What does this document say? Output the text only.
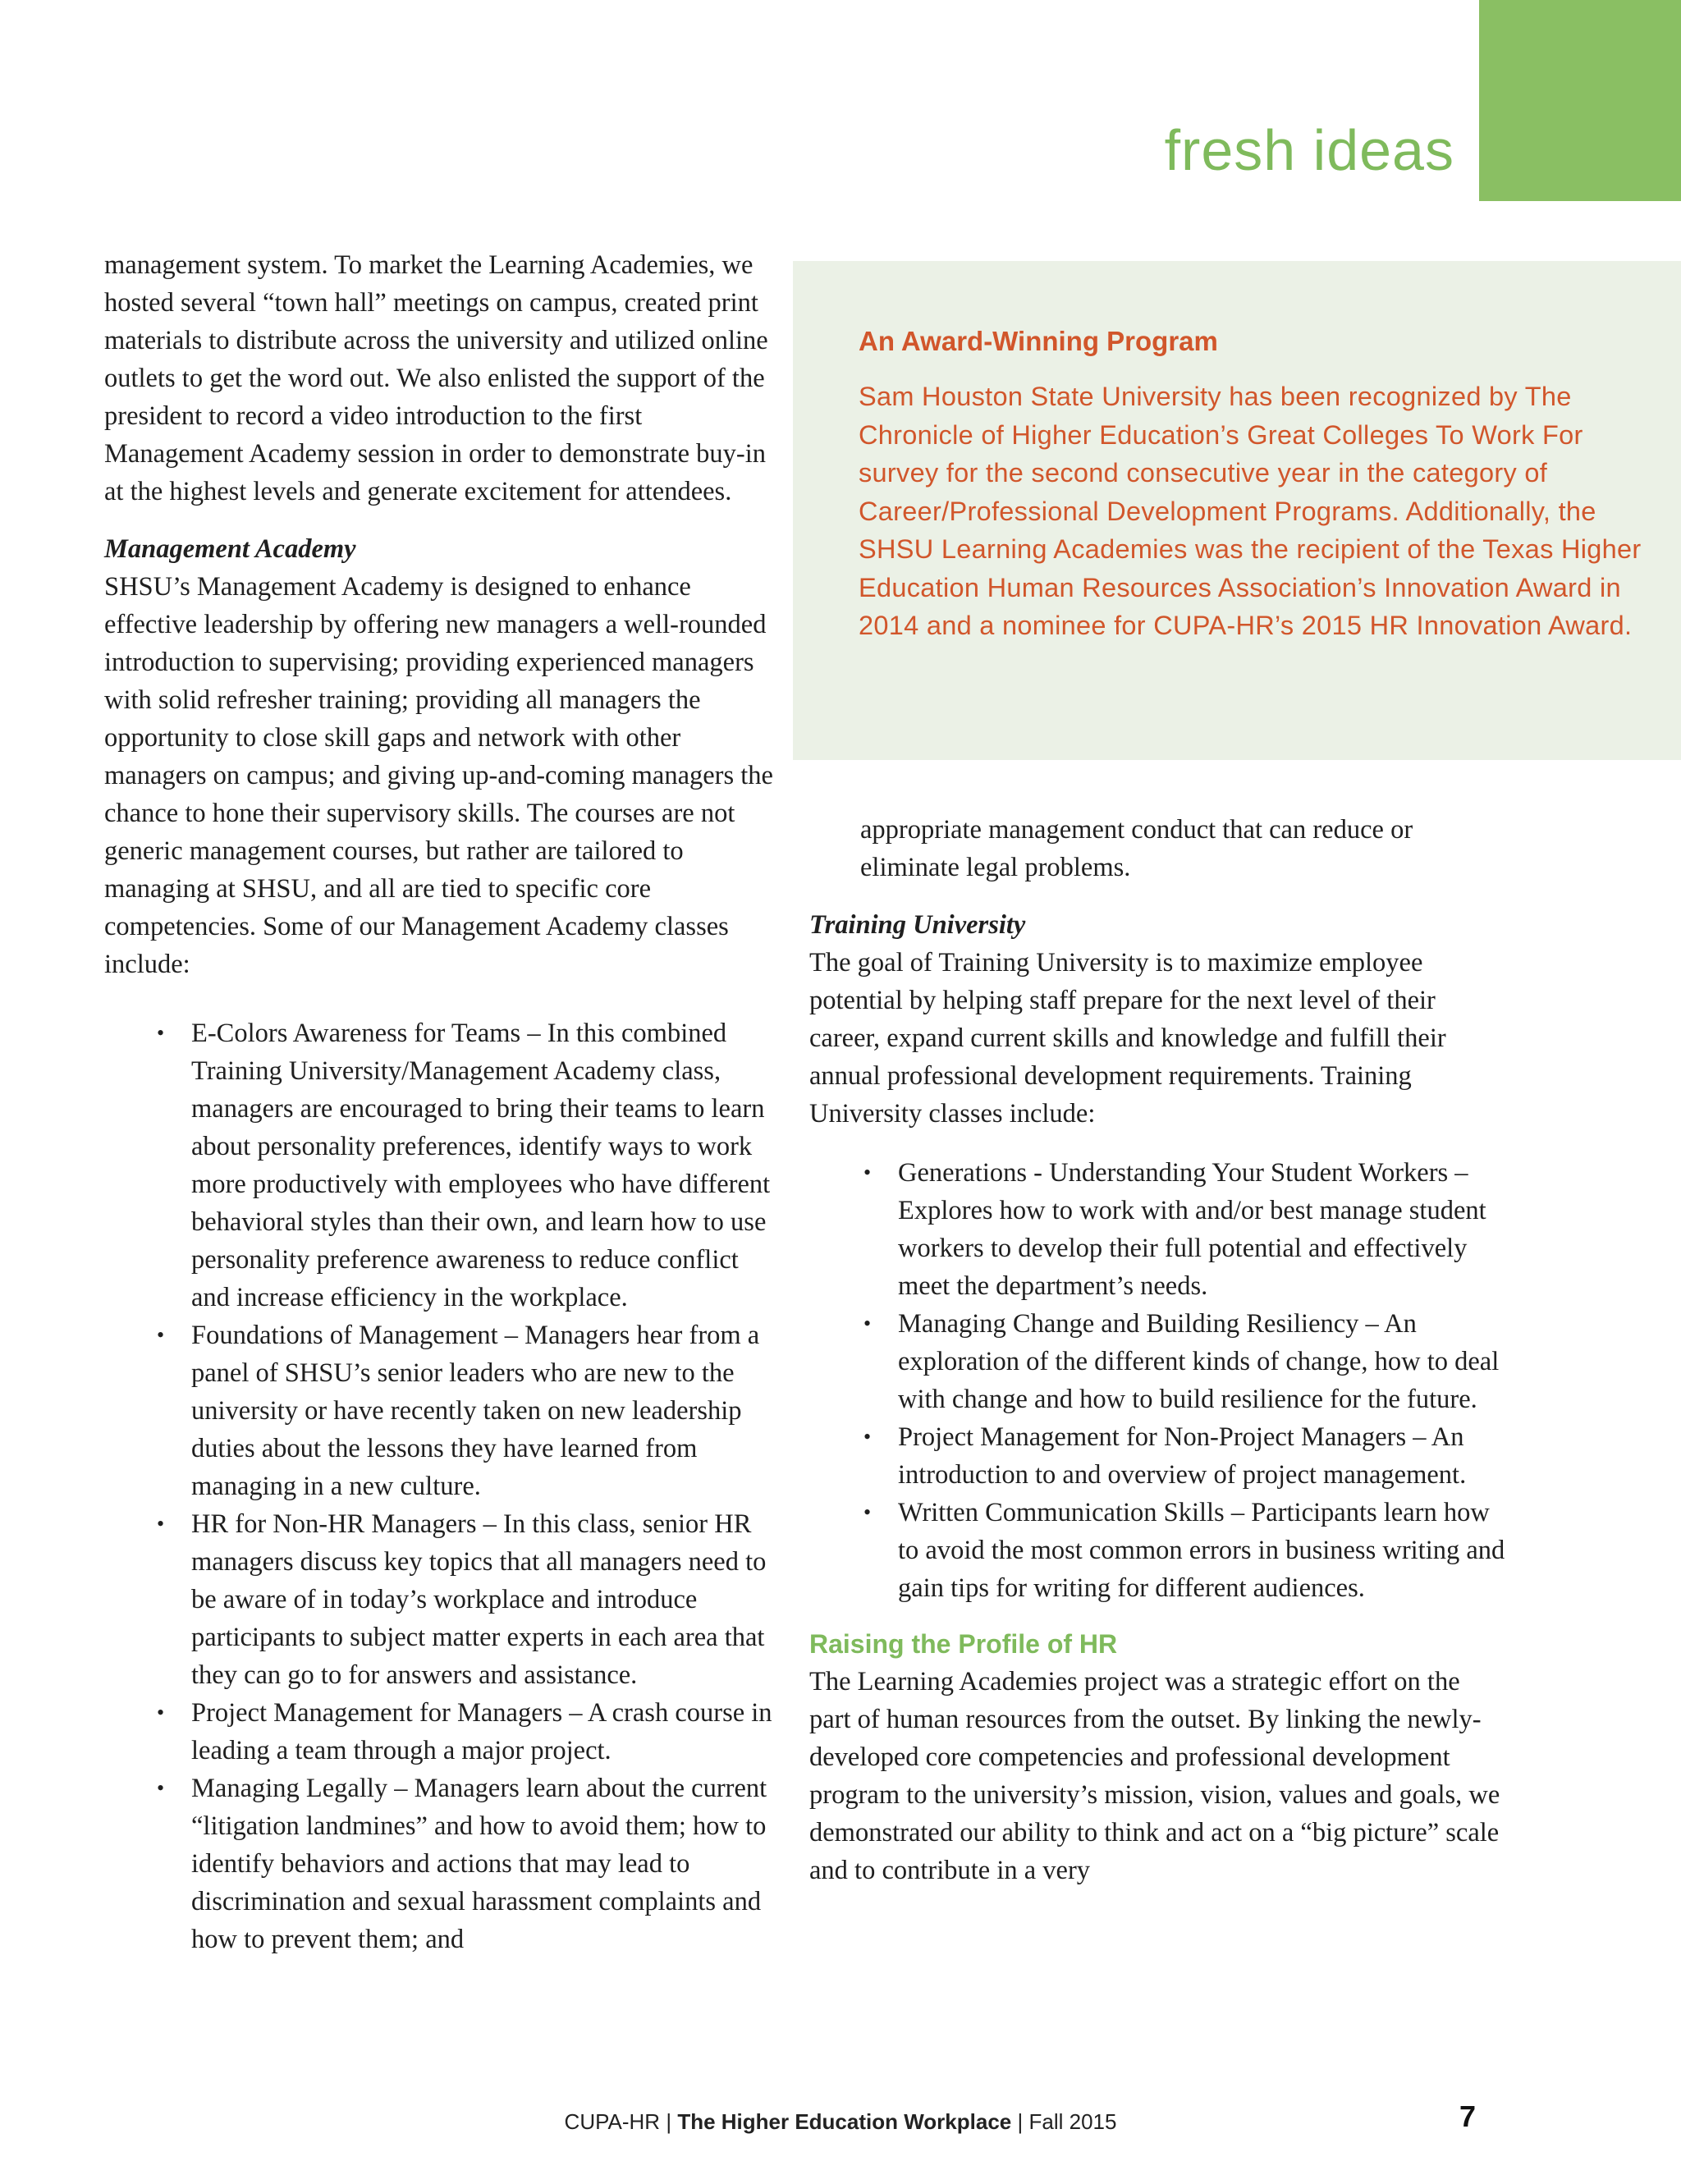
fresh ideas

management system. To market the Learning Academies, we hosted several “town hall” meetings on campus, created print materials to distribute across the university and utilized online outlets to get the word out. We also enlisted the support of the president to record a video introduction to the first Management Academy session in order to demonstrate buy-in at the highest levels and generate excitement for attendees.

Management Academy

SHSU’s Management Academy is designed to enhance effective leadership by offering new managers a well-rounded introduction to supervising; providing experienced managers with solid refresher training; providing all managers the opportunity to close skill gaps and network with other managers on campus; and giving up-and-coming managers the chance to hone their supervisory skills. The courses are not generic management courses, but rather are tailored to managing at SHSU, and all are tied to specific core competencies. Some of our Management Academy classes include:

• E-Colors Awareness for Teams – In this combined Training University/Management Academy class, managers are encouraged to bring their teams to learn about personality preferences, identify ways to work more productively with employees who have different behavioral styles than their own, and learn how to use personality preference awareness to reduce conflict and increase efficiency in the workplace.
• Foundations of Management – Managers hear from a panel of SHSU’s senior leaders who are new to the university or have recently taken on new leadership duties about the lessons they have learned from managing in a new culture.
• HR for Non-HR Managers – In this class, senior HR managers discuss key topics that all managers need to be aware of in today’s workplace and introduce participants to subject matter experts in each area that they can go to for answers and assistance.
• Project Management for Managers – A crash course in leading a team through a major project.
• Managing Legally – Managers learn about the current “litigation landmines” and how to avoid them; how to identify behaviors and actions that may lead to discrimination and sexual harassment complaints and how to prevent them; and

An Award-Winning Program

Sam Houston State University has been recognized by The Chronicle of Higher Education’s Great Colleges To Work For survey for the second consecutive year in the category of Career/Professional Development Programs. Additionally, the SHSU Learning Academies was the recipient of the Texas Higher Education Human Resources Association’s Innovation Award in 2014 and a nominee for CUPA-HR’s 2015 HR Innovation Award.

appropriate management conduct that can reduce or eliminate legal problems.

Training University

The goal of Training University is to maximize employee potential by helping staff prepare for the next level of their career, expand current skills and knowledge and fulfill their annual professional development requirements. Training University classes include:

• Generations - Understanding Your Student Workers – Explores how to work with and/or best manage student workers to develop their full potential and effectively meet the department’s needs.
• Managing Change and Building Resiliency – An exploration of the different kinds of change, how to deal with change and how to build resilience for the future.
• Project Management for Non-Project Managers – An introduction to and overview of project management.
• Written Communication Skills – Participants learn how to avoid the most common errors in business writing and gain tips for writing for different audiences.

Raising the Profile of HR

The Learning Academies project was a strategic effort on the part of human resources from the outset. By linking the newly-developed core competencies and professional development program to the university’s mission, vision, values and goals, we demonstrated our ability to think and act on a “big picture” scale and to contribute in a very

CUPA-HR | The Higher Education Workplace | Fall 2015	7
